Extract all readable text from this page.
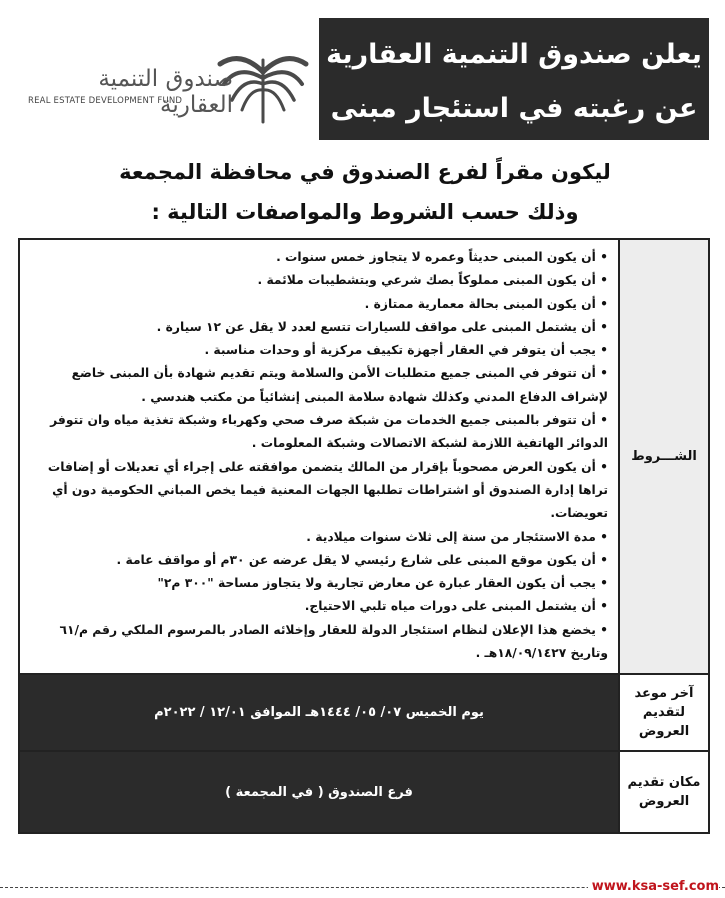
يعلن صندوق التنمية العقارية
عن رغبته في استئجار مبنى
صندوق التنمية العقارية
REAL ESTATE DEVELOPMENT FUND
ليكون مقراً لفرع الصندوق في محافظة المجمعة
وذلك حسب الشروط والمواصفات التالية :
الشـــروط
• أن يكون المبنى حديثاً وعمره لا يتجاوز خمس سنوات .
• أن يكون المبنى مملوكاً بصك شرعي وبتشطيبات ملائمة .
• أن يكون المبنى بحالة معمارية ممتازة .
• أن يشتمل المبنى على مواقف للسيارات تتسع لعدد لا يقل عن ١٢ سيارة .
• يجب أن يتوفر في العقار أجهزة تكييف مركزية أو وحدات مناسبة .
• أن تتوفر في المبنى جميع متطلبات الأمن والسلامة ويتم تقديم شهادة بأن المبنى خاضع لإشراف الدفاع المدني وكذلك شهادة سلامة المبنى إنشائياً من مكتب هندسي .
• أن تتوفر بالمبنى جميع الخدمات من شبكة صرف صحي وكهرباء وشبكة تغذية مياه وان تتوفر الدوائر الهاتفية اللازمة لشبكة الاتصالات وشبكة المعلومات .
• أن يكون العرض مصحوباً بإقرار من المالك يتضمن موافقته على إجراء أي تعديلات أو إضافات تراها إدارة الصندوق أو اشتراطات تطلبها الجهات المعنية فيما يخص المباني الحكومية دون أي تعويضات.
• مدة الاستئجار من سنة إلى ثلاث سنوات ميلادية .
• أن يكون موقع المبنى على شارع رئيسي لا يقل عرضه عن ٣٠م أو مواقف عامة .
• يجب أن يكون العقار عبارة عن معارض تجارية ولا يتجاوز مساحة "٣٠٠ م٢"
• أن يشتمل المبنى على دورات مياه تلبي الاحتياج.
• يخضع هذا الإعلان لنظام استئجار الدولة للعقار وإخلائه الصادر بالمرسوم الملكي رقم م/٦١ وتاريخ ١٨/٠٩/١٤٢٧هـ .
آخر موعد لتقديم العروض
يوم الخميس ٠٧/ ٠٥/ ١٤٤٤هـ الموافق ١٢/٠١ / ٢٠٢٢م
مكان تقديم العروض
فرع الصندوق ( في المجمعة )
www.ksa-sef.com
